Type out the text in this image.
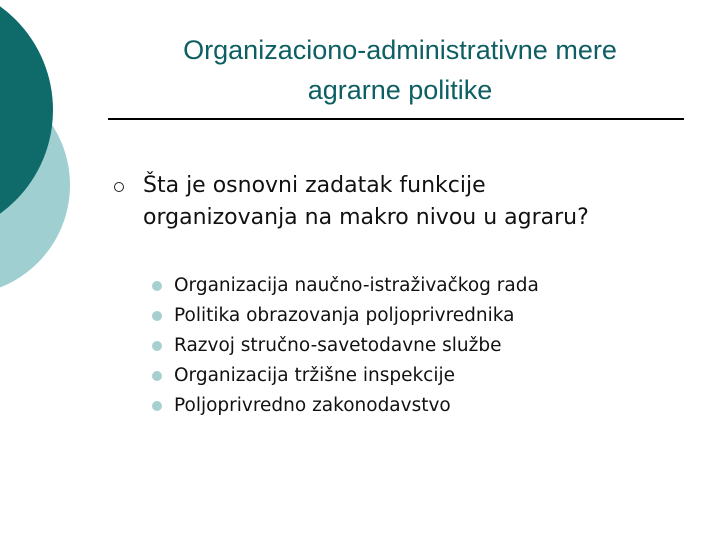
Organizaciono-administrativne mere
agrarne politike
Šta je osnovni zadatak funkcije
organizovanja na makro nivou u agraru?
Organizacija naučno-istraživačkog rada
Politika obrazovanja poljoprivrednika
Razvoj stručno-savetodavne službe
Organizacija tržišne inspekcije
Poljoprivredno zakonodavstvo
